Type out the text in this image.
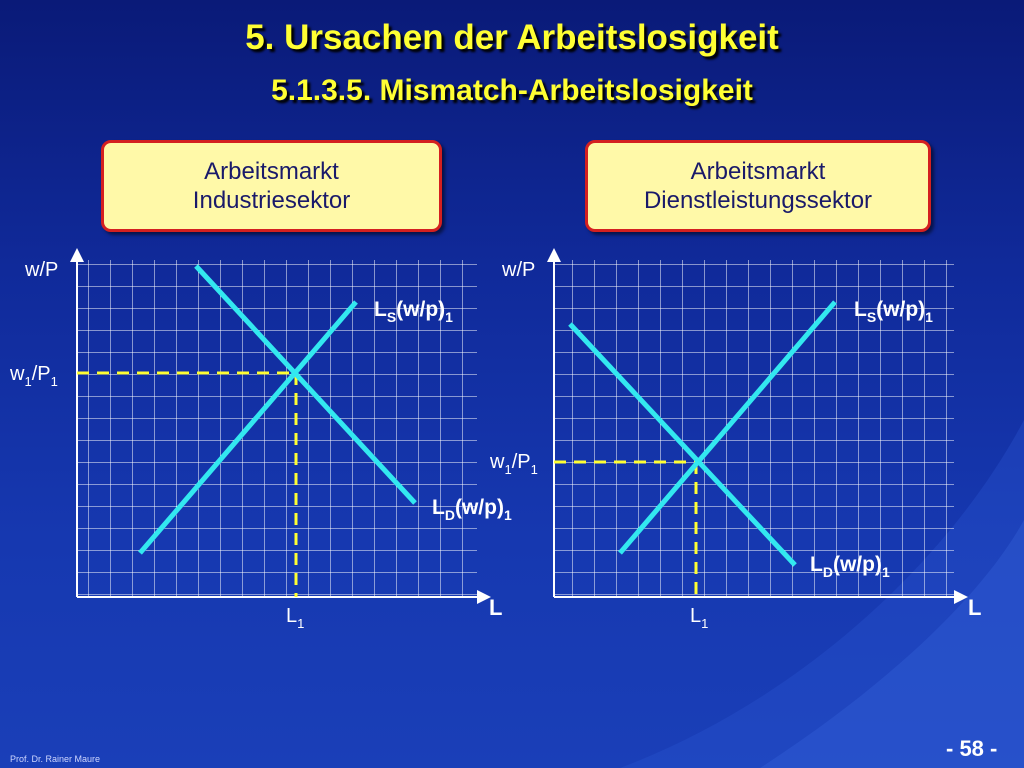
5. Ursachen der Arbeitslosigkeit
5.1.3.5. Mismatch-Arbeitslosigkeit
Arbeitsmarkt
Industriesektor
Arbeitsmarkt
Dienstleistungssektor
w/P
L
$L_S(w/p)_1$
$L_D(w/p)_1$
$w_1/P_1$
$L_1$
w/P
L
$L_S(w/p)_1$
$L_D(w/p)_1$
$w_1/P_1$
$L_1$
Prof. Dr. Rainer Maure	- 58 -
